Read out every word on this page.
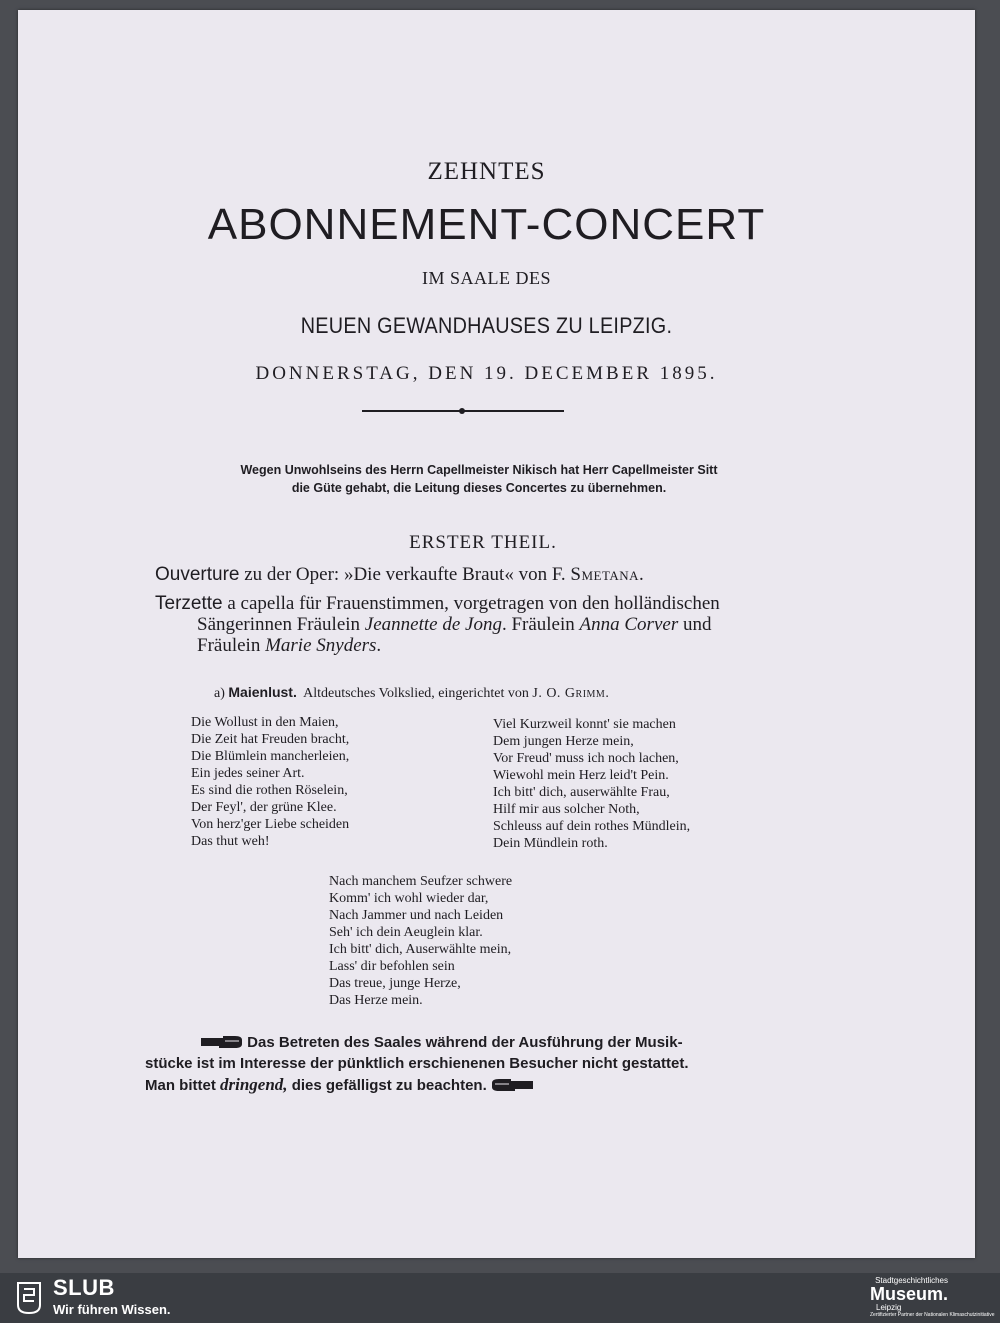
ZEHNTES
ABONNEMENT-CONCERT
IM SAALE DES
NEUEN GEWANDHAUSES ZU LEIPZIG.
DONNERSTAG, DEN 19. DECEMBER 1895.
Wegen Unwohlseins des Herrn Capellmeister Nikisch hat Herr Capellmeister Sitt
die Güte gehabt, die Leitung dieses Concertes zu übernehmen.
ERSTER THEIL.
Ouverture zu der Oper: »Die verkaufte Braut« von F. Smetana.
Terzette a capella für Frauenstimmen, vorgetragen von den holländischen
Sängerinnen Fräulein Jeannette de Jong. Fräulein Anna Corver und
Fräulein Marie Snyders.
a) Maienlust. Altdeutsches Volkslied, eingerichtet von J. O. Grimm.
Die Wollust in den Maien,
Die Zeit hat Freuden bracht,
Die Blümlein mancherleien,
Ein jedes seiner Art.
Es sind die rothen Röselein,
Der Feyl', der grüne Klee.
Von herz'ger Liebe scheiden
Das thut weh!
Viel Kurzweil konnt' sie machen
Dem jungen Herze mein,
Vor Freud' muss ich noch lachen,
Wiewohl mein Herz leid't Pein.
Ich bitt' dich, auserwählte Frau,
Hilf mir aus solcher Noth,
Schleuss auf dein rothes Mündlein,
Dein Mündlein roth.
Nach manchem Seufzer schwere
Komm' ich wohl wieder dar,
Nach Jammer und nach Leiden
Seh' ich dein Aeuglein klar.
Ich bitt' dich, Auserwählte mein,
Lass' dir befohlen sein
Das treue, junge Herze,
Das Herze mein.
Das Betreten des Saales während der Ausführung der Musik-
stücke ist im Interesse der pünktlich erschienenen Besucher nicht gestattet.
Man bittet dringend, dies gefälligst zu beachten.
SLUB
Wir führen Wissen.
Stadtgeschichtliches
Museum.
Leipzig
Zertifizierter Partner der Nationalen Klimaschutzinitiative
